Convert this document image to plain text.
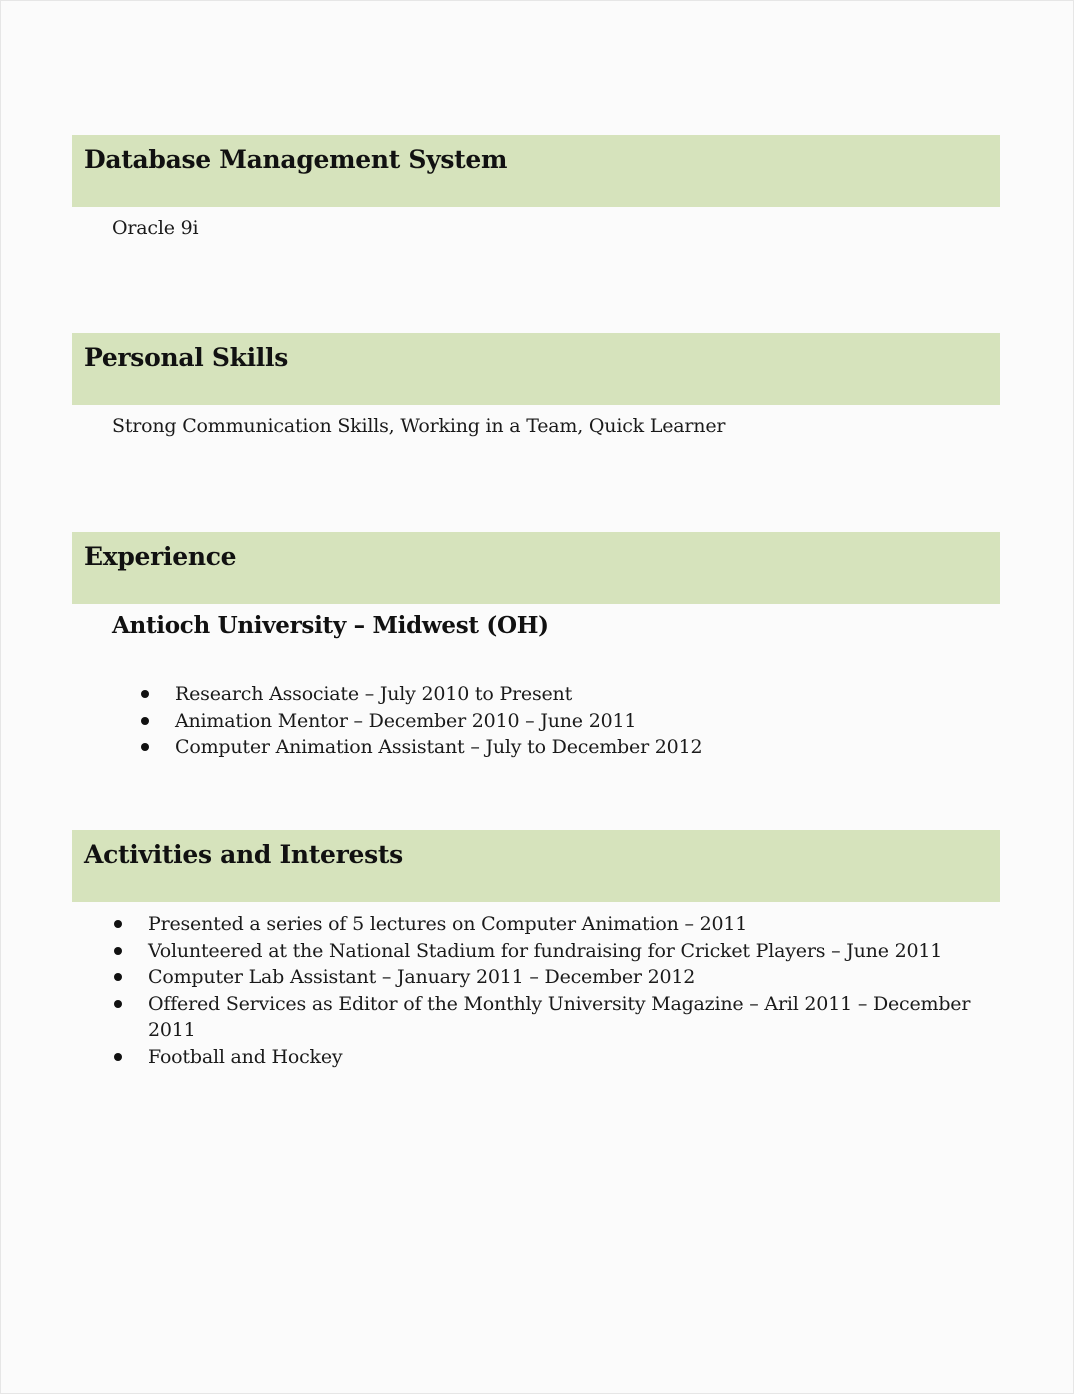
Database Management System
Oracle 9i
Personal Skills
Strong Communication Skills, Working in a Team, Quick Learner
Experience
Antioch University – Midwest (OH)
Research Associate – July 2010 to Present
Animation Mentor – December 2010 – June 2011
Computer Animation Assistant – July to December 2012
Activities and Interests
Presented a series of 5 lectures on Computer Animation – 2011
Volunteered at the National Stadium for fundraising for Cricket Players – June 2011
Computer Lab Assistant – January 2011 – December 2012
Offered Services as Editor of the Monthly University Magazine – Aril 2011 – December
2011
Football and Hockey
